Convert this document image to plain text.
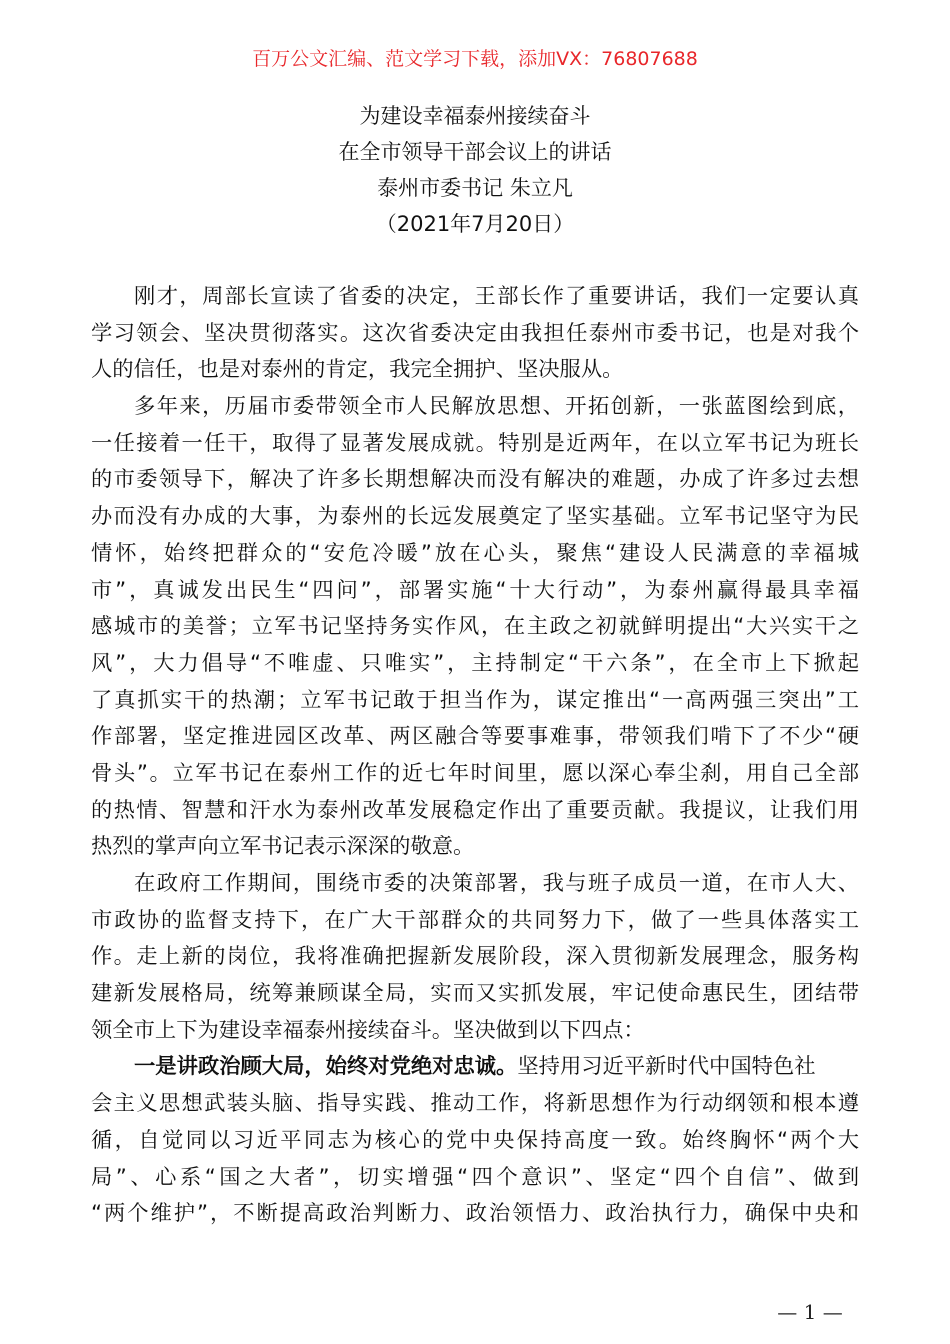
百万公文汇编、范文学习下载，添加VX：76807688
为建设幸福泰州接续奋斗
在全市领导干部会议上的讲话
泰州市委书记 朱立凡
（2021年7月20日）
刚才，周部长宣读了省委的决定，王部长作了重要讲话，我们一定要认真
学习领会、坚决贯彻落实。这次省委决定由我担任泰州市委书记，也是对我个
人的信任，也是对泰州的肯定，我完全拥护、坚决服从。
多年来，历届市委带领全市人民解放思想、开拓创新，一张蓝图绘到底，
一任接着一任干，取得了显著发展成就。特别是近两年，在以立军书记为班长
的市委领导下，解决了许多长期想解决而没有解决的难题，办成了许多过去想
办而没有办成的大事，为泰州的长远发展奠定了坚实基础。立军书记坚守为民
情怀，始终把群众的“安危冷暖”放在心头，聚焦“建设人民满意的幸福城
市”，真诚发出民生“四问”，部署实施“十大行动”，为泰州赢得最具幸福
感城市的美誉；立军书记坚持务实作风，在主政之初就鲜明提出“大兴实干之
风”，大力倡导“不唯虚、只唯实”，主持制定“干六条”，在全市上下掀起
了真抓实干的热潮；立军书记敢于担当作为，谋定推出“一高两强三突出”工
作部署，坚定推进园区改革、两区融合等要事难事，带领我们啃下了不少“硬
骨头”。立军书记在泰州工作的近七年时间里，愿以深心奉尘刹，用自己全部
的热情、智慧和汗水为泰州改革发展稳定作出了重要贡献。我提议，让我们用
热烈的掌声向立军书记表示深深的敬意。
在政府工作期间，围绕市委的决策部署，我与班子成员一道，在市人大、
市政协的监督支持下，在广大干部群众的共同努力下，做了一些具体落实工
作。走上新的岗位，我将准确把握新发展阶段，深入贯彻新发展理念，服务构
建新发展格局，统筹兼顾谋全局，实而又实抓发展，牢记使命惠民生，团结带
领全市上下为建设幸福泰州接续奋斗。坚决做到以下四点：
一是讲政治顾大局，始终对党绝对忠诚。坚持用习近平新时代中国特色社
会主义思想武装头脑、指导实践、推动工作，将新思想作为行动纲领和根本遵
循，自觉同以习近平同志为核心的党中央保持高度一致。始终胸怀“两个大
局”、心系“国之大者”，切实增强“四个意识”、坚定“四个自信”、做到
“两个维护”，不断提高政治判断力、政治领悟力、政治执行力，确保中央和
— 1 —
